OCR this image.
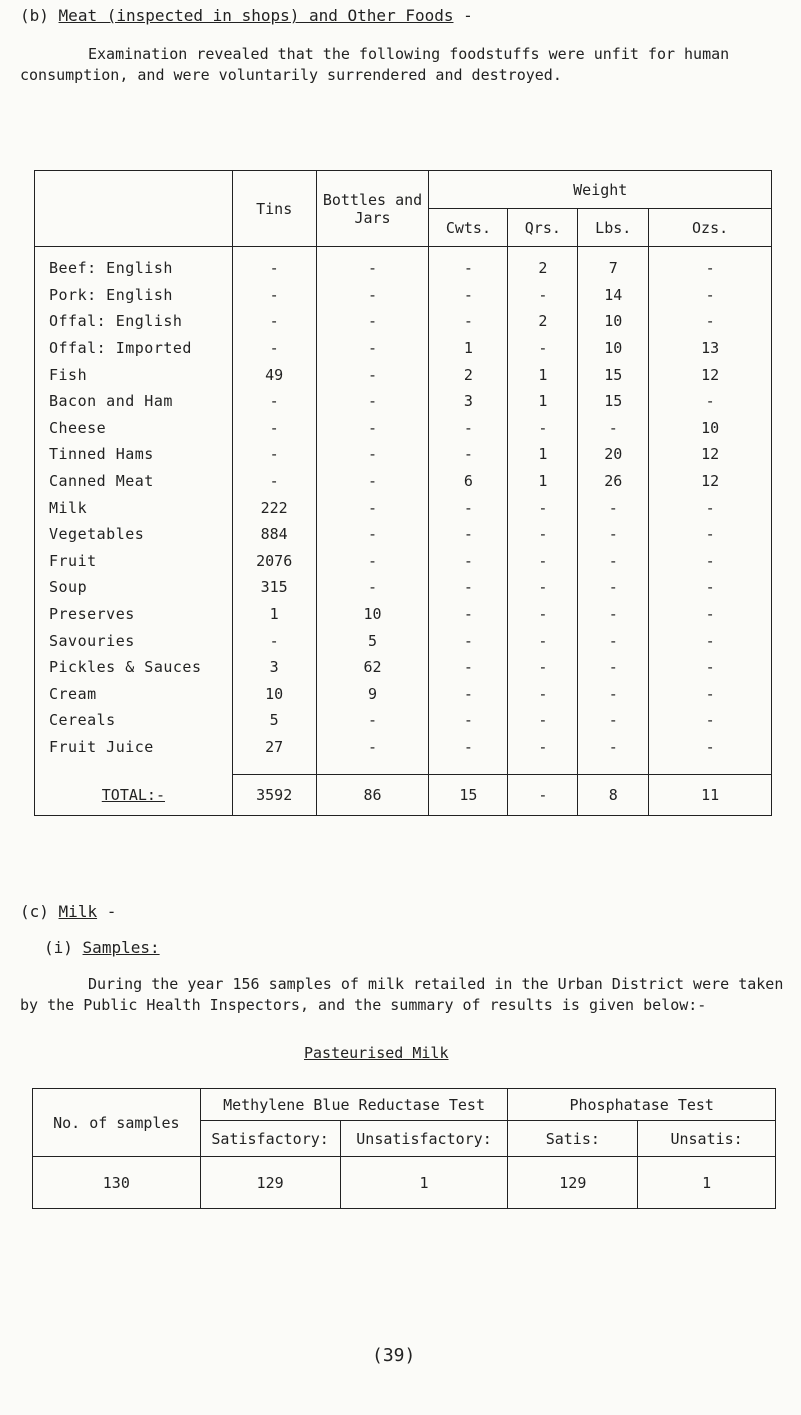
(b) Meat (inspected in shops) and Other Foods -
Examination revealed that the following foodstuffs were unfit for human consumption, and were voluntarily surrendered and destroyed.
	Tins	Bottles and Jars	Weight			
			Cwts.	Qrs.	Lbs.	Ozs.

Beef: English	-	-	-	2	7	-
Pork: English	-	-	-	-	14	-
Offal: English	-	-	-	2	10	-
Offal: Imported	-	-	1	-	10	13
Fish	49	-	2	1	15	12
Bacon and Ham	-	-	3	1	15	-
Cheese	-	-	-	-	-	10
Tinned Hams	-	-	-	1	20	12
Canned Meat	-	-	6	1	26	12
Milk	222	-	-	-	-	-
Vegetables	884	-	-	-	-	-
Fruit	2076	-	-	-	-	-
Soup	315	-	-	-	-	-
Preserves	1	10	-	-	-	-
Savouries	-	5	-	-	-	-
Pickles & Sauces	3	62	-	-	-	-
Cream	10	9	-	-	-	-
Cereals	5	-	-	-	-	-
Fruit Juice	27	-	-	-	-	-

TOTAL:-	3592	86	15	-	8	11
(c) Milk -
(i) Samples:
During the year 156 samples of milk retailed in the Urban District were taken by the Public Health Inspectors, and the summary of results is given below:-
Pasteurised Milk
No. of samples	Methylene Blue Reductase Test		Phosphatase Test	
	Satisfactory:	Unsatisfactory:	Satis:	Unsatis:
130	129	1	129	1
(39)
